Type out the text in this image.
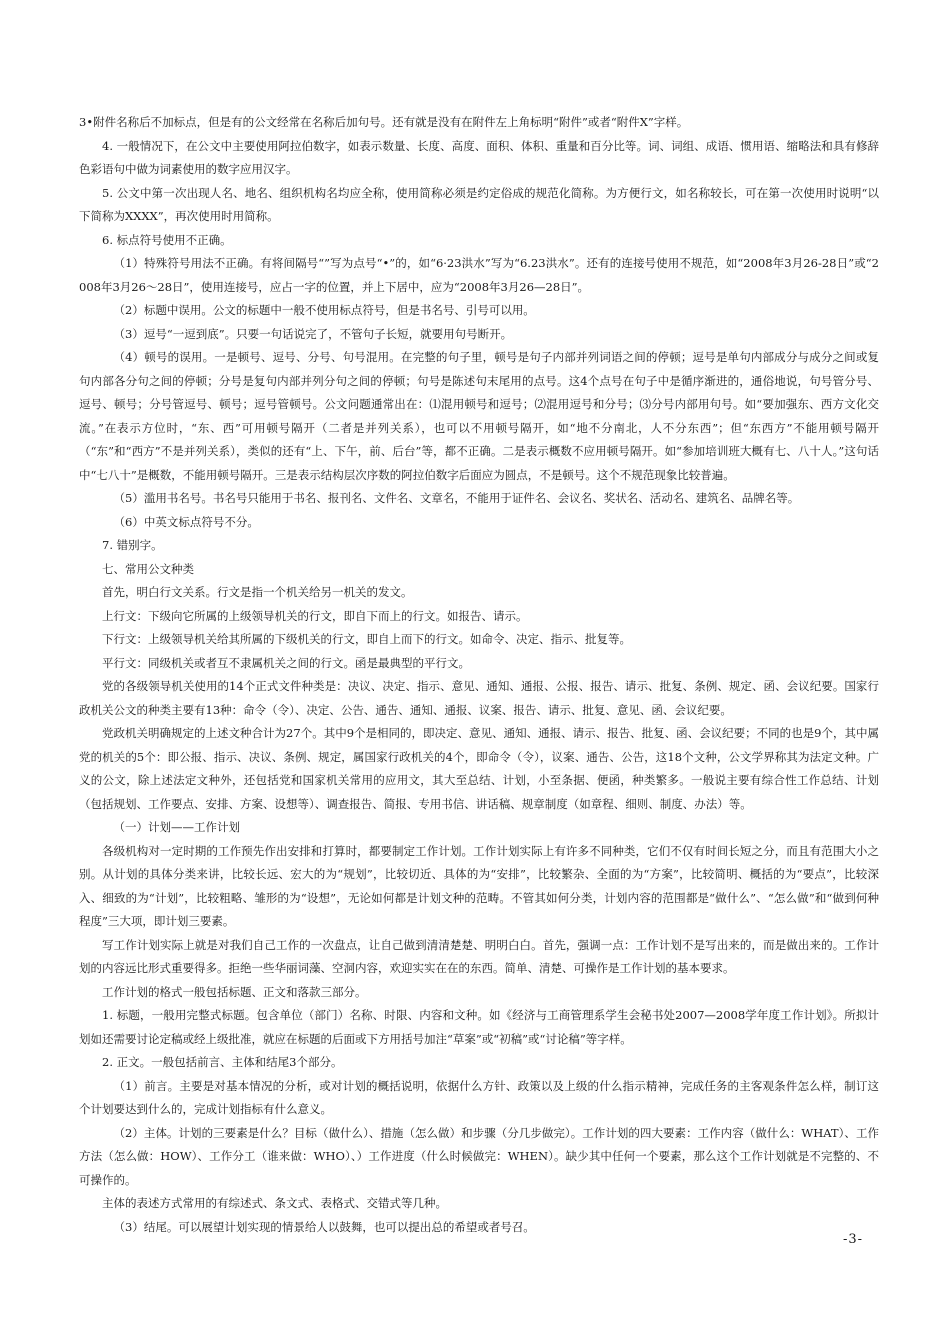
3•附件名称后不加标点，但是有的公文经常在名称后加句号。还有就是没有在附件左上角标明“附件”或者“附件X”字样。

4. 一般情况下，在公文中主要使用阿拉伯数字，如表示数量、长度、高度、面积、体积、重量和百分比等。词、词组、成语、惯用语、缩略法和具有修辞色彩语句中做为词素使用的数字应用汉字。

5. 公文中第一次出现人名、地名、组织机构名均应全称，使用简称必须是约定俗成的规范化简称。为方便行文，如名称较长，可在第一次使用时说明“以下简称为XXXX”，再次使用时用简称。

6. 标点符号使用不正确。

（1）特殊符号用法不正确。有将间隔号“”写为点号“•”的，如“6·23洪水”写为“6.23洪水”。还有的连接号使用不规范，如“2008年3月26-28日”或“2008年3月26～28日”，使用连接号，应占一字的位置，并上下居中，应为“2008年3月26—28日”。

（2）标题中误用。公文的标题中一般不使用标点符号，但是书名号、引号可以用。

（3）逗号“一逗到底”。只要一句话说完了，不管句子长短，就要用句号断开。

（4）顿号的误用。一是顿号、逗号、分号、句号混用。在完整的句子里，顿号是句子内部并列词语之间的停顿；逗号是单句内部成分与成分之间或复句内部各分句之间的停顿；分号是复句内部并列分句之间的停顿；句号是陈述句末尾用的点号。这4个点号在句子中是循序渐进的，通俗地说，句号管分号、逗号、顿号；分号管逗号、顿号；逗号管顿号。公文问题通常出在：⑴混用顿号和逗号；⑵混用逗号和分号；⑶分号内部用句号。如“要加强东、西方文化交流。”在表示方位时，“东、西”可用顿号隔开（二者是并列关系），也可以不用顿号隔开，如“地不分南北，人不分东西”；但“东西方”不能用顿号隔开（“东”和“西方”不是并列关系），类似的还有“上、下午，前、后台”等，都不正确。二是表示概数不应用顿号隔开。如“参加培训班大概有七、八十人。”这句话中“七八十”是概数，不能用顿号隔开。三是表示结构层次序数的阿拉伯数字后面应为圆点，不是顿号。这个不规范现象比较普遍。

（5）滥用书名号。书名号只能用于书名、报刊名、文件名、文章名，不能用于证件名、会议名、奖状名、活动名、建筑名、品牌名等。

（6）中英文标点符号不分。

7. 错别字。

七、常用公文种类

首先，明白行文关系。行文是指一个机关给另一机关的发文。

上行文：下级向它所属的上级领导机关的行文，即自下而上的行文。如报告、请示。

下行文：上级领导机关给其所属的下级机关的行文，即自上而下的行文。如命令、决定、指示、批复等。

平行文：同级机关或者互不隶属机关之间的行文。函是最典型的平行文。

党的各级领导机关使用的14个正式文件种类是：决议、决定、指示、意见、通知、通报、公报、报告、请示、批复、条例、规定、函、会议纪要。国家行政机关公文的种类主要有13种：命令（令）、决定、公告、通告、通知、通报、议案、报告、请示、批复、意见、函、会议纪要。

党政机关明确规定的上述文种合计为27个。其中9个是相同的，即决定、意见、通知、通报、请示、报告、批复、函、会议纪要；不同的也是9个，其中属党的机关的5个：即公报、指示、决议、条例、规定，属国家行政机关的4个，即命令（令），议案、通告、公告，这18个文种，公文学界称其为法定文种。广义的公文，除上述法定文种外，还包括党和国家机关常用的应用文，其大至总结、计划，小至条据、便函，种类繁多。一般说主要有综合性工作总结、计划（包括规划、工作要点、安排、方案、设想等）、调查报告、简报、专用书信、讲话稿、规章制度（如章程、细则、制度、办法）等。

（一）计划——工作计划

各级机构对一定时期的工作预先作出安排和打算时，都要制定工作计划。工作计划实际上有许多不同种类，它们不仅有时间长短之分，而且有范围大小之别。从计划的具体分类来讲，比较长远、宏大的为“规划”，比较切近、具体的为“安排”，比较繁杂、全面的为“方案”，比较简明、概括的为“要点”，比较深入、细致的为“计划”，比较粗略、雏形的为“设想”，无论如何都是计划文种的范畴。不管其如何分类，计划内容的范围都是“做什么”、“怎么做”和“做到何种程度”三大项，即计划三要素。

写工作计划实际上就是对我们自己工作的一次盘点，让自己做到清清楚楚、明明白白。首先，强调一点：工作计划不是写出来的，而是做出来的。工作计划的内容远比形式重要得多。拒绝一些华丽词藻、空洞内容，欢迎实实在在的东西。简单、清楚、可操作是工作计划的基本要求。

工作计划的格式一般包括标题、正文和落款三部分。

1. 标题，一般用完整式标题。包含单位（部门）名称、时限、内容和文种。如《经济与工商管理系学生会秘书处2007—2008学年度工作计划》。所拟计划如还需要讨论定稿或经上级批准，就应在标题的后面或下方用括号加注“草案”或“初稿”或“讨论稿”等字样。

2. 正文。一般包括前言、主体和结尾3个部分。

（1）前言。主要是对基本情况的分析，或对计划的概括说明，依据什么方针、政策以及上级的什么指示精神，完成任务的主客观条件怎么样，制订这个计划要达到什么的，完成计划指标有什么意义。

（2）主体。计划的三要素是什么？目标（做什么）、措施（怎么做）和步骤（分几步做完）。工作计划的四大要素：工作内容（做什么：WHAT）、工作方法（怎么做：HOW）、工作分工（谁来做：WHO）、）工作进度（什么时候做完：WHEN）。缺少其中任何一个要素，那么这个工作计划就是不完整的、不可操作的。

主体的表述方式常用的有综述式、条文式、表格式、交错式等几种。

（3）结尾。可以展望计划实现的情景给人以鼓舞，也可以提出总的希望或者号召。

-3-
